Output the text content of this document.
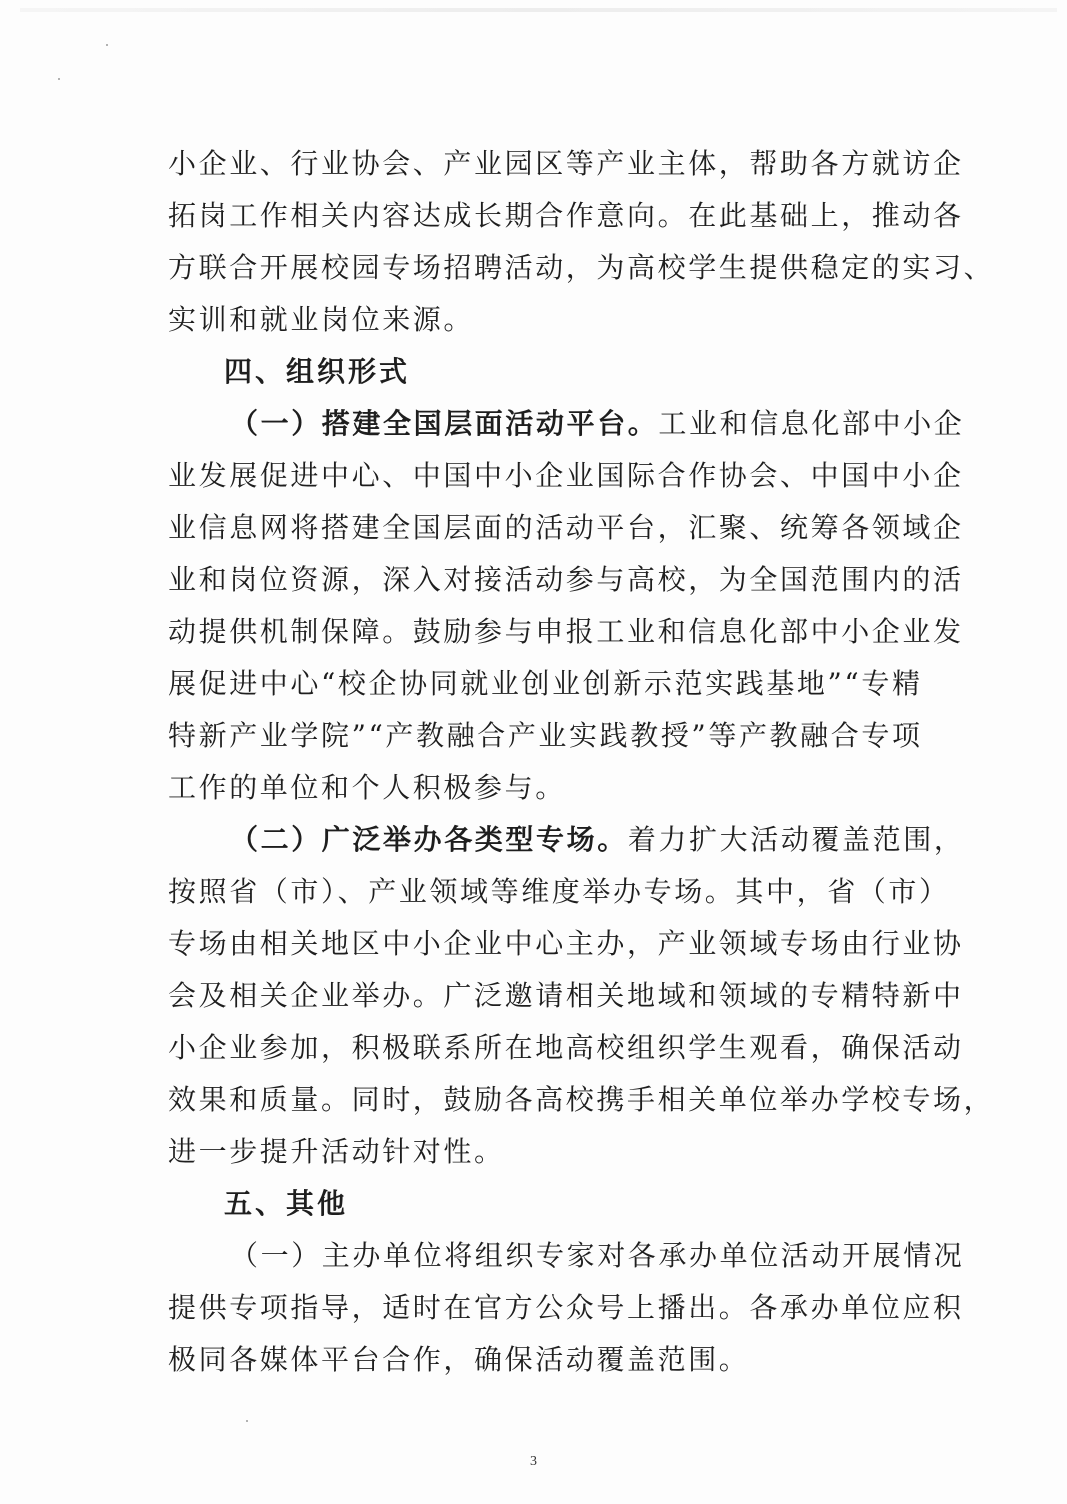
小企业、行业协会、产业园区等产业主体，帮助各方就访企
拓岗工作相关内容达成长期合作意向。在此基础上，推动各
方联合开展校园专场招聘活动，为高校学生提供稳定的实习、
实训和就业岗位来源。
四、组织形式
（一）搭建全国层面活动平台。工业和信息化部中小企
业发展促进中心、中国中小企业国际合作协会、中国中小企
业信息网将搭建全国层面的活动平台，汇聚、统筹各领域企
业和岗位资源，深入对接活动参与高校，为全国范围内的活
动提供机制保障。鼓励参与申报工业和信息化部中小企业发
展促进中心“校企协同就业创业创新示范实践基地”“专精
特新产业学院”“产教融合产业实践教授”等产教融合专项
工作的单位和个人积极参与。
（二）广泛举办各类型专场。着力扩大活动覆盖范围，
按照省（市）、产业领域等维度举办专场。其中，省（市）
专场由相关地区中小企业中心主办，产业领域专场由行业协
会及相关企业举办。广泛邀请相关地域和领域的专精特新中
小企业参加，积极联系所在地高校组织学生观看，确保活动
效果和质量。同时，鼓励各高校携手相关单位举办学校专场，
进一步提升活动针对性。
五、其他
（一）主办单位将组织专家对各承办单位活动开展情况
提供专项指导，适时在官方公众号上播出。各承办单位应积
极同各媒体平台合作，确保活动覆盖范围。
3
